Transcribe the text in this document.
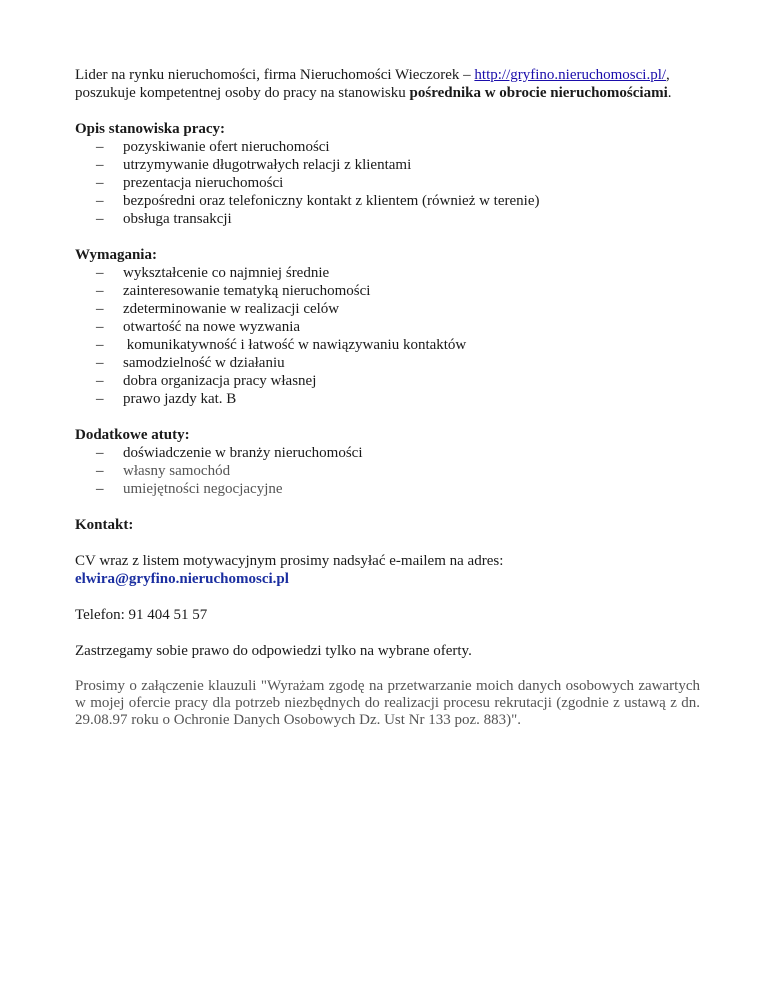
Lider na rynku nieruchomości, firma Nieruchomości Wieczorek – http://gryfino.nieruchomosci.pl/,
poszukuje kompetentnej osoby do pracy na stanowisku pośrednika w obrocie nieruchomościami.

Opis stanowiska pracy:

– pozyskiwanie ofert nieruchomości
– utrzymywanie długotrwałych relacji z klientami
– prezentacja nieruchomości
– bezpośredni oraz telefoniczny kontakt z klientem (również w terenie)
– obsługa transakcji

Wymagania:

– wykształcenie co najmniej średnie
– zainteresowanie tematyką nieruchomości
– zdeterminowanie w realizacji celów
– otwartość na nowe wyzwania
– komunikatywność i łatwość w nawiązywaniu kontaktów
– samodzielność w działaniu
– dobra organizacja pracy własnej
– prawo jazdy kat. B

Dodatkowe atuty:

– doświadczenie w branży nieruchomości
– własny samochód
– umiejętności negocjacyjne

Kontakt:

CV wraz z listem motywacyjnym prosimy nadsyłać e-mailem na adres:

elwira@gryfino.nieruchomosci.pl

Telefon: 91 404 51 57

Zastrzegamy sobie prawo do odpowiedzi tylko na wybrane oferty.

Prosimy o załączenie klauzuli "Wyrażam zgodę na przetwarzanie moich danych osobowych zawartych w mojej ofercie pracy dla potrzeb niezbędnych do realizacji procesu rekrutacji (zgodnie z ustawą z dn. 29.08.97 roku o Ochronie Danych Osobowych Dz. Ust Nr 133 poz. 883)".
